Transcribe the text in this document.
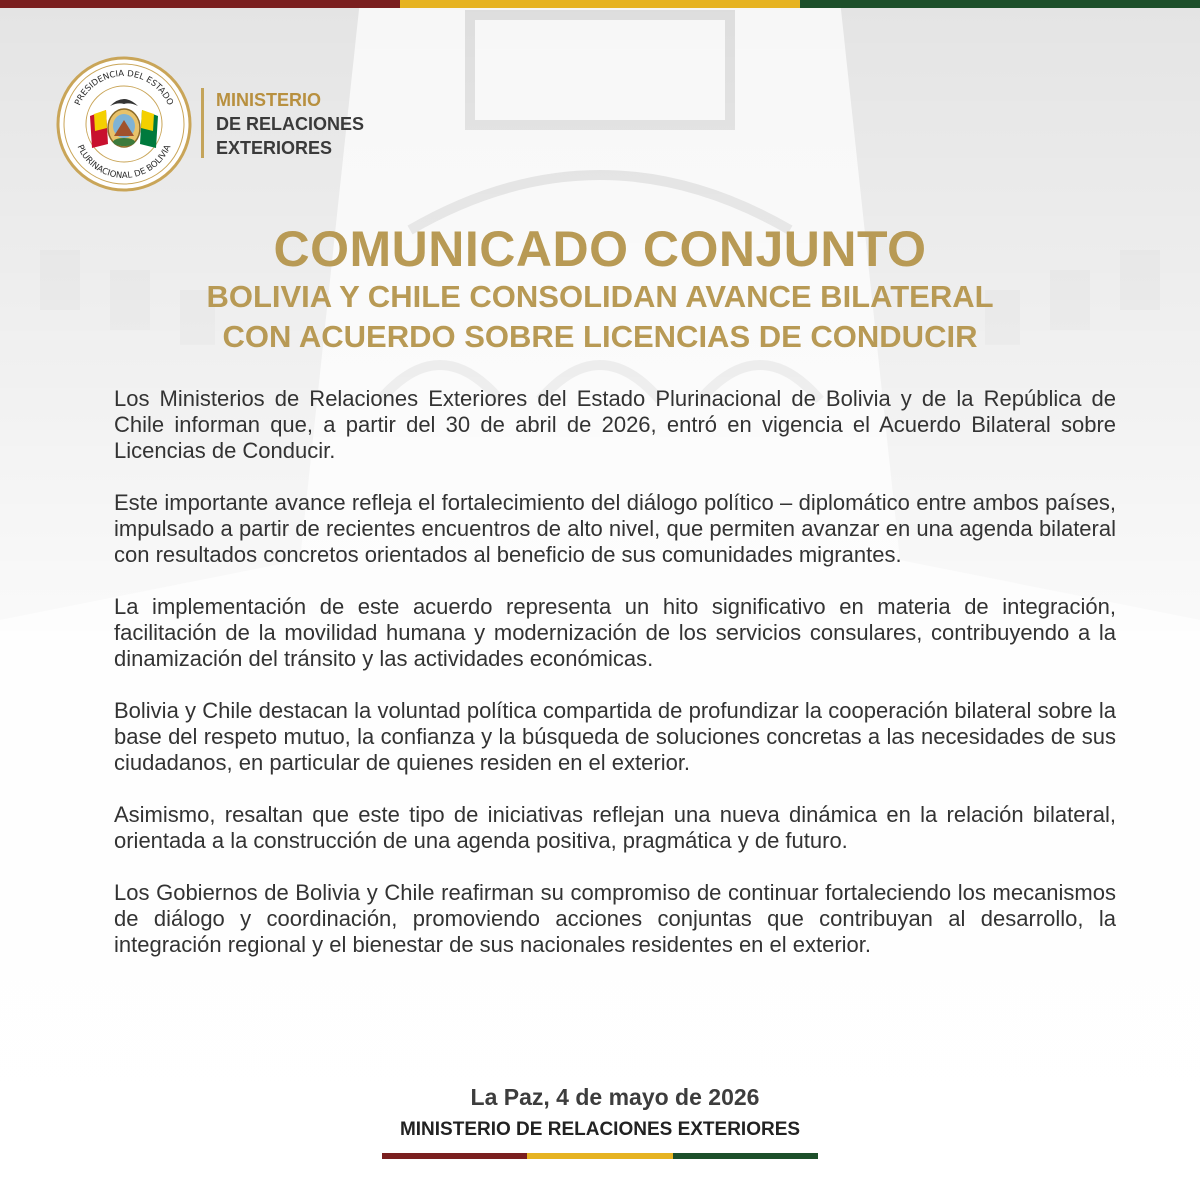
PRESIDENCIA DEL ESTADO
PLURINACIONAL DE BOLIVIA
MINISTERIO
DE RELACIONES
EXTERIORES
COMUNICADO CONJUNTO
BOLIVIA Y CHILE CONSOLIDAN AVANCE BILATERAL
CON ACUERDO SOBRE LICENCIAS DE CONDUCIR

Los Ministerios de Relaciones Exteriores del Estado Plurinacional de Bolivia y de la República de Chile informan que, a partir del 30 de abril de 2026, entró en vigencia el Acuerdo Bilateral sobre Licencias de Conducir.

Este importante avance refleja el fortalecimiento del diálogo político – diplomático entre ambos países, impulsado a partir de recientes encuentros de alto nivel, que permiten avanzar en una agenda bilateral con resultados concretos orientados al beneficio de sus comunidades migrantes.

La implementación de este acuerdo representa un hito significativo en materia de integración, facilitación de la movilidad humana y modernización de los servicios consulares, contribuyendo a la dinamización del tránsito y las actividades económicas.

Bolivia y Chile destacan la voluntad política compartida de profundizar la cooperación bilateral sobre la base del respeto mutuo, la confianza y la búsqueda de soluciones concretas a las necesidades de sus ciudadanos, en particular de quienes residen en el exterior.

Asimismo, resaltan que este tipo de iniciativas reflejan una nueva dinámica en la relación bilateral, orientada a la construcción de una agenda positiva, pragmática y de futuro.

Los Gobiernos de Bolivia y Chile reafirman su compromiso de continuar fortaleciendo los mecanismos de diálogo y coordinación, promoviendo acciones conjuntas que contribuyan al desarrollo, la integración regional y el bienestar de sus nacionales residentes en el exterior.

La Paz, 4 de mayo de 2026
MINISTERIO DE RELACIONES EXTERIORES
